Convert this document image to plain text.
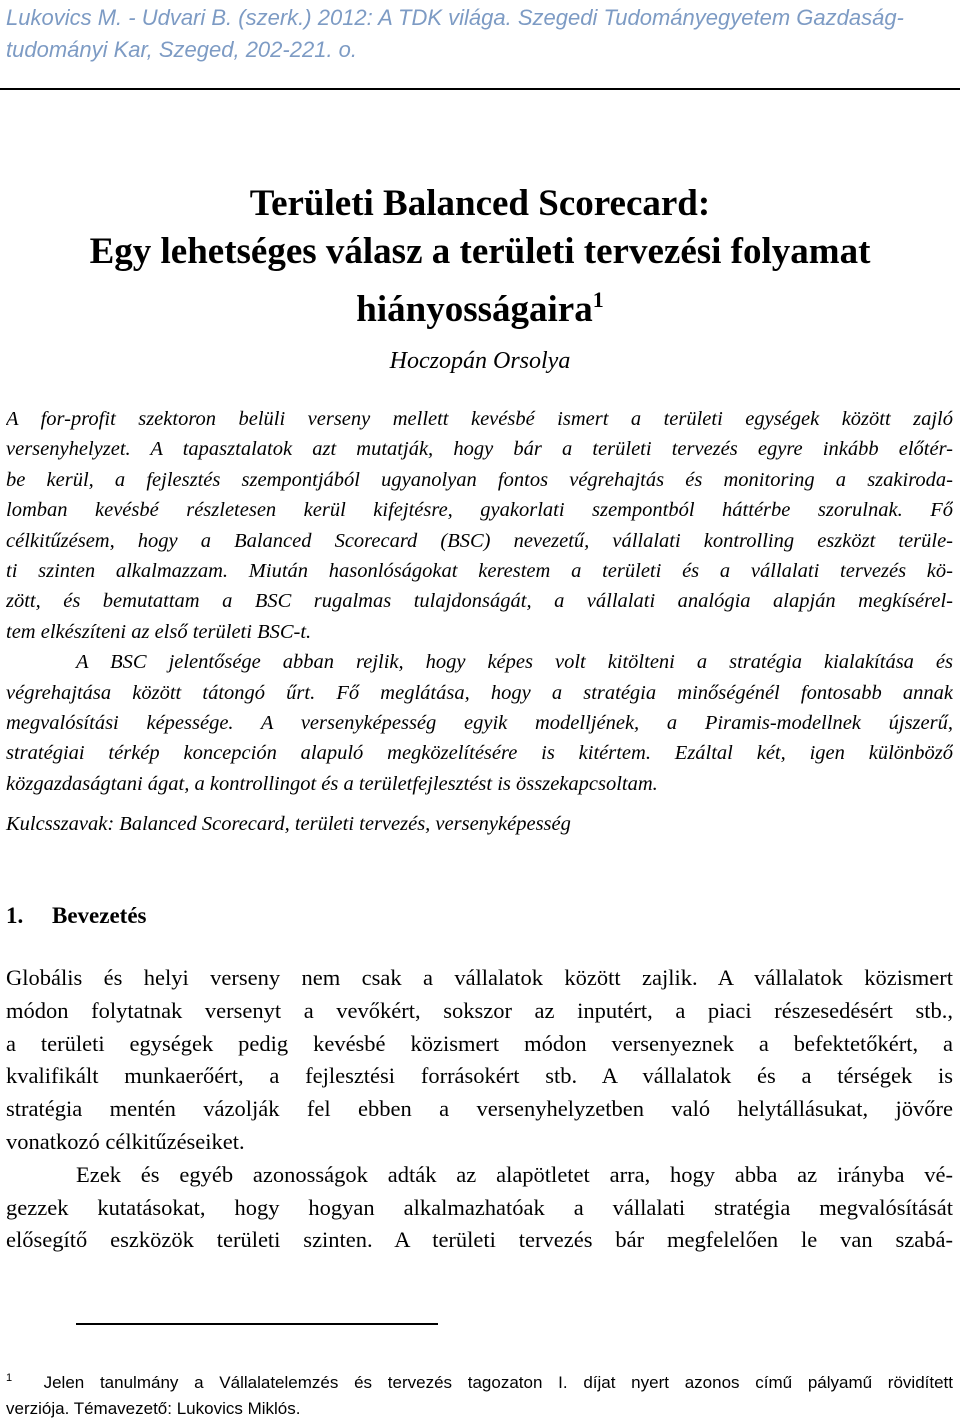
Lukovics M. - Udvari B. (szerk.) 2012: A TDK világa. Szegedi Tudományegyetem Gazdaság-
tudományi Kar, Szeged, 202-221. o.
Területi Balanced Scorecard:
Egy lehetséges válasz a területi tervezési folyamat
hiányosságaira$^1$
Hoczopán Orsolya
A for-profit szektoron belüli verseny mellett kevésbé ismert a területi egységek között zajló
versenyhelyzet. A tapasztalatok azt mutatják, hogy bár a területi tervezés egyre inkább előtér-
be kerül, a fejlesztés szempontjából ugyanolyan fontos végrehajtás és monitoring a szakiroda-
lomban kevésbé részletesen kerül kifejtésre, gyakorlati szempontból háttérbe szorulnak. Fő
célkitűzésem, hogy a Balanced Scorecard (BSC) nevezetű, vállalati kontrolling eszközt terüle-
ti szinten alkalmazzam. Miután hasonlóságokat kerestem a területi és a vállalati tervezés kö-
zött, és bemutattam a BSC rugalmas tulajdonságát, a vállalati analógia alapján megkísérel-
tem elkészíteni az első területi BSC-t.
A BSC jelentősége abban rejlik, hogy képes volt kitölteni a stratégia kialakítása és
végrehajtása között tátongó űrt. Fő meglátása, hogy a stratégia minőségénél fontosabb annak
megvalósítási képessége. A versenyképesség egyik modelljének, a Piramis-modellnek újszerű,
stratégiai térkép koncepción alapuló megközelítésére is kitértem. Ezáltal két, igen különböző
közgazdaságtani ágat, a kontrollingot és a területfejlesztést is összekapcsoltam.
Kulcsszavak: Balanced Scorecard, területi tervezés, versenyképesség
1. Bevezetés
Globális és helyi verseny nem csak a vállalatok között zajlik. A vállalatok közismert
módon folytatnak versenyt a vevőkért, sokszor az inputért, a piaci részesedésért stb.,
a területi egységek pedig kevésbé közismert módon versenyeznek a befektetőkért, a
kvalifikált munkaerőért, a fejlesztési forrásokért stb. A vállalatok és a térségek is
stratégia mentén vázolják fel ebben a versenyhelyzetben való helytállásukat, jövőre
vonatkozó célkitűzéseiket.
Ezek és egyéb azonosságok adták az alapötletet arra, hogy abba az irányba vé-
gezzek kutatásokat, hogy hogyan alkalmazhatóak a vállalati stratégia megvalósítását
elősegítő eszközök területi szinten. A területi tervezés bár megfelelően le van szabá-
$^1$ Jelen tanulmány a Vállalatelemzés és tervezés tagozaton I. díjat nyert azonos című pályamű rövidített
verziója. Témavezető: Lukovics Miklós.
